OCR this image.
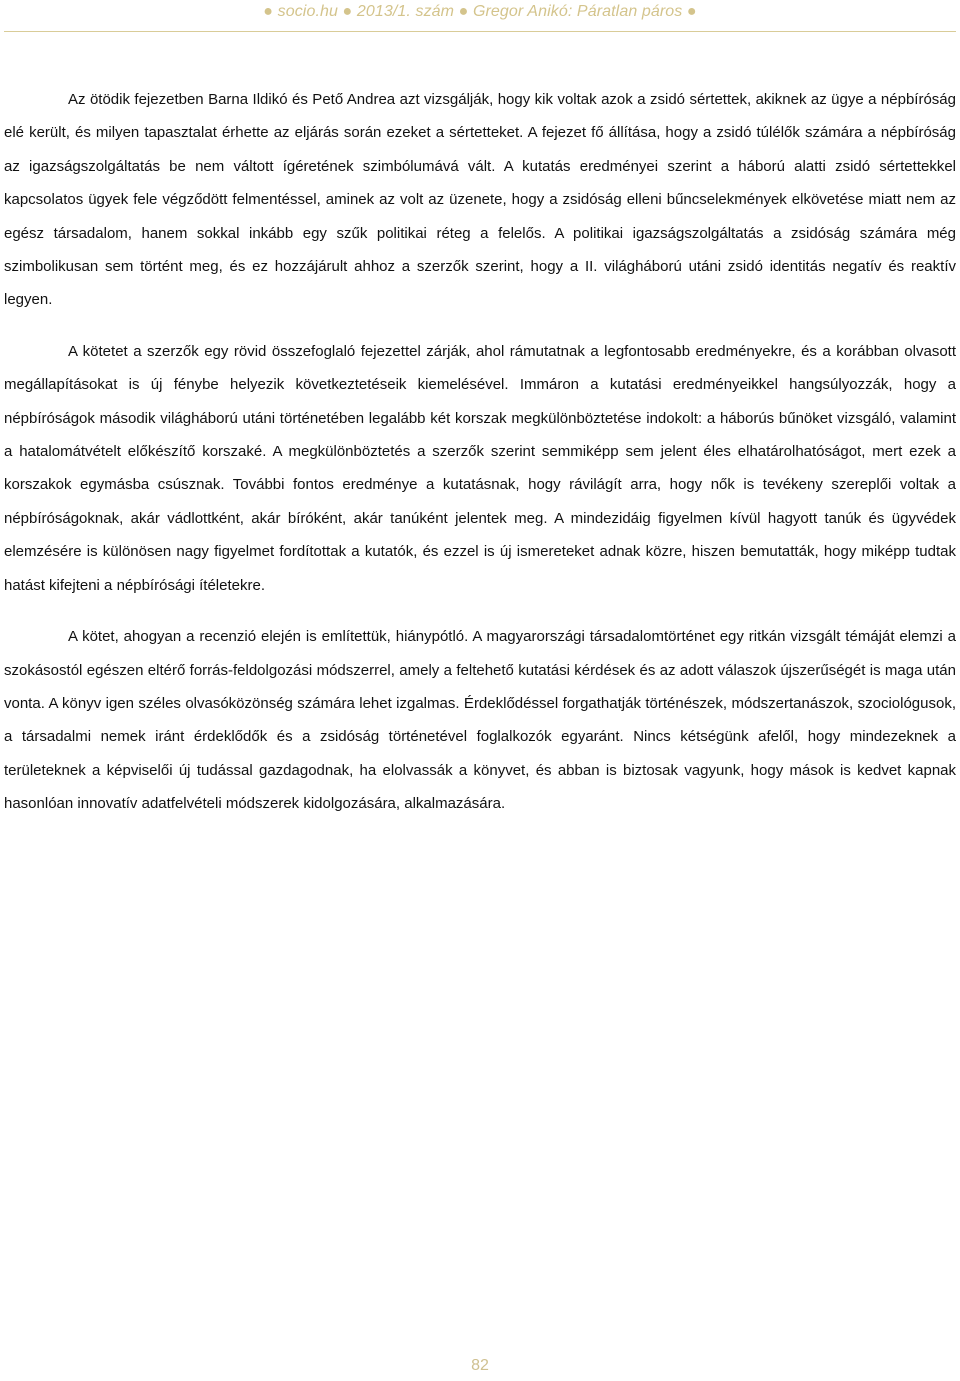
● socio.hu ● 2013/1. szám ● Gregor Anikó: Páratlan páros ●

Az ötödik fejezetben Barna Ildikó és Pető Andrea azt vizsgálják, hogy kik voltak azok a zsidó sértettek, akiknek az ügye a népbíróság elé került, és milyen tapasztalat érhette az eljárás során ezeket a sértetteket. A fejezet fő állítása, hogy a zsidó túlélők számára a népbíróság az igazságszolgáltatás be nem váltott ígéretének szimbólumává vált. A kutatás eredményei szerint a háború alatti zsidó sértettekkel kapcsolatos ügyek fele végződött felmentéssel, aminek az volt az üzenete, hogy a zsidóság elleni bűncselekmények elkövetése miatt nem az egész társadalom, hanem sokkal inkább egy szűk politikai réteg a felelős. A politikai igazságszolgáltatás a zsidóság számára még szimbolikusan sem történt meg, és ez hozzájárult ahhoz a szerzők szerint, hogy a II. világháború utáni zsidó identitás negatív és reaktív legyen.

A kötetet a szerzők egy rövid összefoglaló fejezettel zárják, ahol rámutatnak a legfontosabb eredményekre, és a korábban olvasott megállapításokat is új fénybe helyezik következtetéseik kiemelésével. Immáron a kutatási eredményeikkel hangsúlyozzák, hogy a népbíróságok második világháború utáni történetében legalább két korszak megkülönböztetése indokolt: a háborús bűnöket vizsgáló, valamint a hatalomátvételt előkészítő korszaké. A megkülönböztetés a szerzők szerint semmiképp sem jelent éles elhatárolhatóságot, mert ezek a korszakok egymásba csúsznak. További fontos eredménye a kutatásnak, hogy rávilágít arra, hogy nők is tevékeny szereplői voltak a népbíróságoknak, akár vádlottként, akár bíróként, akár tanúként jelentek meg. A mindezidáig figyelmen kívül hagyott tanúk és ügyvédek elemzésére is különösen nagy figyelmet fordítottak a kutatók, és ezzel is új ismereteket adnak közre, hiszen bemutatták, hogy miképp tudtak hatást kifejteni a népbírósági ítéletekre.

A kötet, ahogyan a recenzió elején is említettük, hiánypótló. A magyarországi társadalomtörténet egy ritkán vizsgált témáját elemzi a szokásostól egészen eltérő forrás-feldolgozási módszerrel, amely a feltehető kutatási kérdések és az adott válaszok újszerűségét is maga után vonta. A könyv igen széles olvasóközönség számára lehet izgalmas. Érdeklődéssel forgathatják történészek, módszertanászok, szociológusok, a társadalmi nemek iránt érdeklődők és a zsidóság történetével foglalkozók egyaránt. Nincs kétségünk afelől, hogy mindezeknek a területeknek a képviselői új tudással gazdagodnak, ha elolvassák a könyvet, és abban is biztosak vagyunk, hogy mások is kedvet kapnak hasonlóan innovatív adatfelvételi módszerek kidolgozására, alkalmazására.

82
